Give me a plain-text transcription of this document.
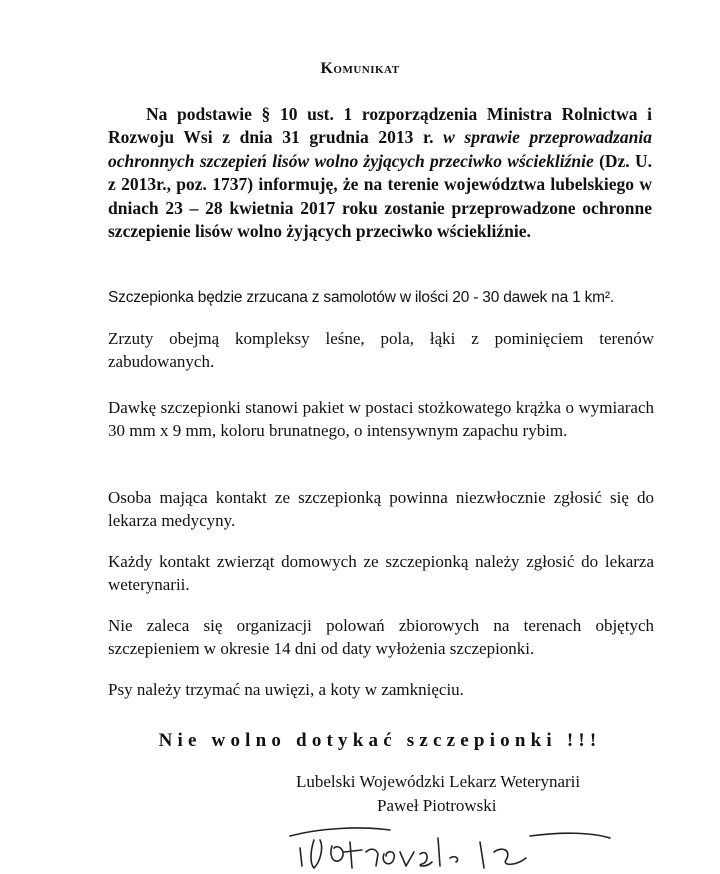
Komunikat
Na podstawie § 10 ust. 1 rozporządzenia Ministra Rolnictwa i Rozwoju Wsi z dnia 31 grudnia 2013 r. w sprawie przeprowadzania ochronnych szczepień lisów wolno żyjących przeciwko wściekliźnie (Dz. U. z 2013r., poz. 1737) informuję, że na terenie województwa lubelskiego w dniach 23 – 28 kwietnia 2017 roku zostanie przeprowadzone ochronne szczepienie lisów wolno żyjących przeciwko wściekliźnie.
Szczepionka będzie zrzucana z samolotów w ilości 20 - 30 dawek na 1 km².
Zrzuty obejmą kompleksy leśne, pola, łąki z pominięciem terenów zabudowanych.
Dawkę szczepionki stanowi pakiet w postaci stożkowatego krążka o wymiarach 30 mm x 9 mm, koloru brunatnego, o intensywnym zapachu rybim.
Osoba mająca kontakt ze szczepionką powinna niezwłocznie zgłosić się do lekarza medycyny.
Każdy kontakt zwierząt domowych ze szczepionką należy zgłosić do lekarza weterynarii.
Nie zaleca się organizacji polowań zbiorowych na terenach objętych szczepieniem w okresie 14 dni od daty wyłożenia szczepionki.
Psy należy trzymać na uwięzi, a koty w zamknięciu.
Nie wolno dotykać szczepionki !!!
Lubelski Wojewódzki Lekarz Weterynarii
Paweł Piotrowski
